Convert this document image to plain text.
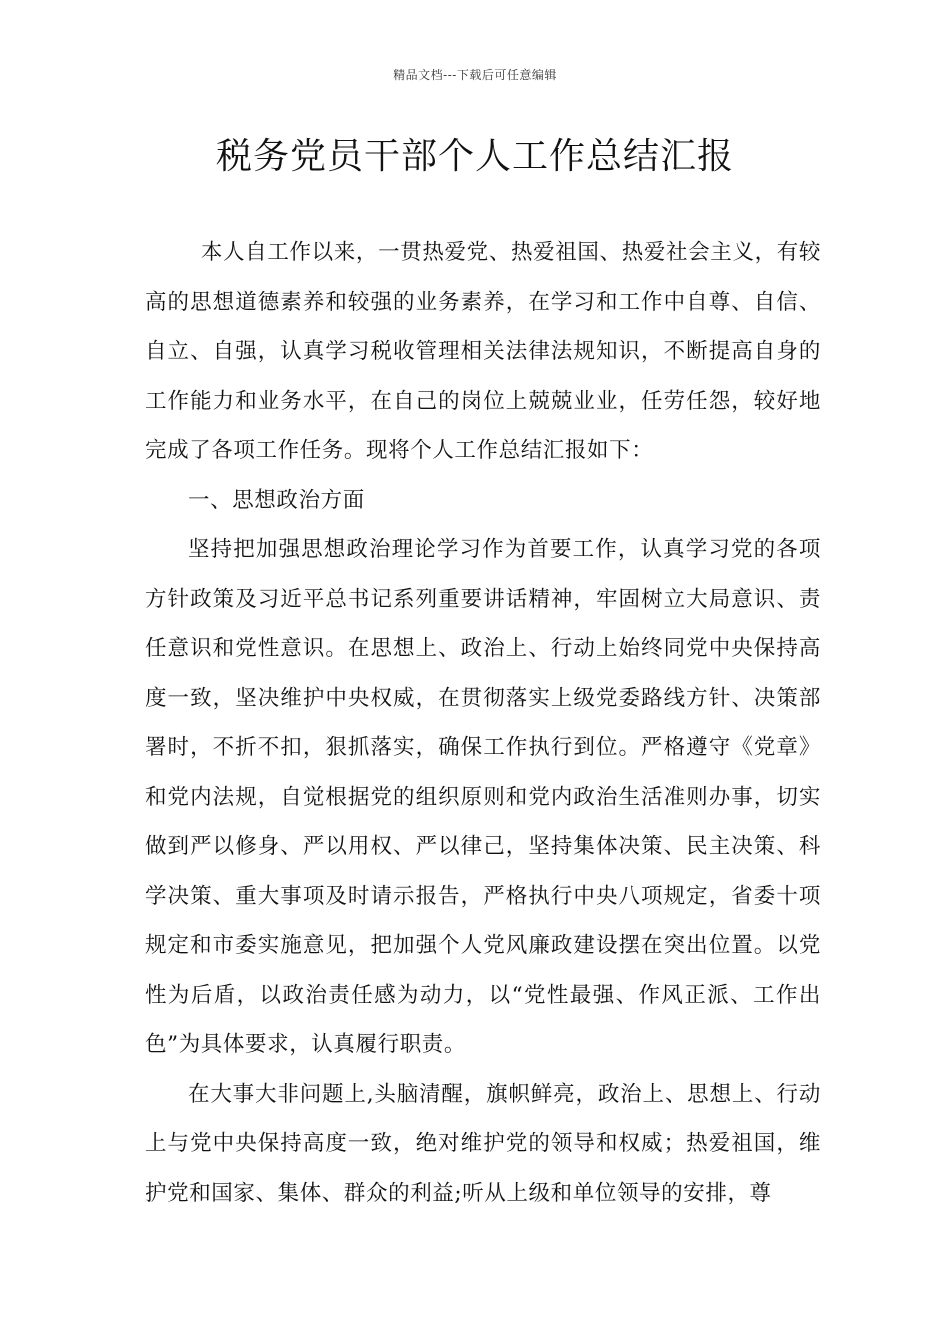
精品文档---下载后可任意编辑
税务党员干部个人工作总结汇报

本人自工作以来，一贯热爱党、热爱祖国、热爱社会主义，有较高的思想道德素养和较强的业务素养，在学习和工作中自尊、自信、自立、自强，认真学习税收管理相关法律法规知识，不断提高自身的工作能力和业务水平，在自己的岗位上兢兢业业，任劳任怨，较好地完成了各项工作任务。现将个人工作总结汇报如下：

一、思想政治方面

坚持把加强思想政治理论学习作为首要工作，认真学习党的各项方针政策及习近平总书记系列重要讲话精神，牢固树立大局意识、责任意识和党性意识。在思想上、政治上、行动上始终同党中央保持高度一致，坚决维护中央权威，在贯彻落实上级党委路线方针、决策部署时，不折不扣，狠抓落实，确保工作执行到位。严格遵守《党章》和党内法规，自觉根据党的组织原则和党内政治生活准则办事，切实做到严以修身、严以用权、严以律己，坚持集体决策、民主决策、科学决策、重大事项及时请示报告，严格执行中央八项规定，省委十项规定和市委实施意见，把加强个人党风廉政建设摆在突出位置。以党性为后盾，以政治责任感为动力，以“党性最强、作风正派、工作出色”为具体要求，认真履行职责。

在大事大非问题上,头脑清醒，旗帜鲜亮，政治上、思想上、行动上与党中央保持高度一致，绝对维护党的领导和权威；热爱祖国，维护党和国家、集体、群众的利益;听从上级和单位领导的安排，尊
